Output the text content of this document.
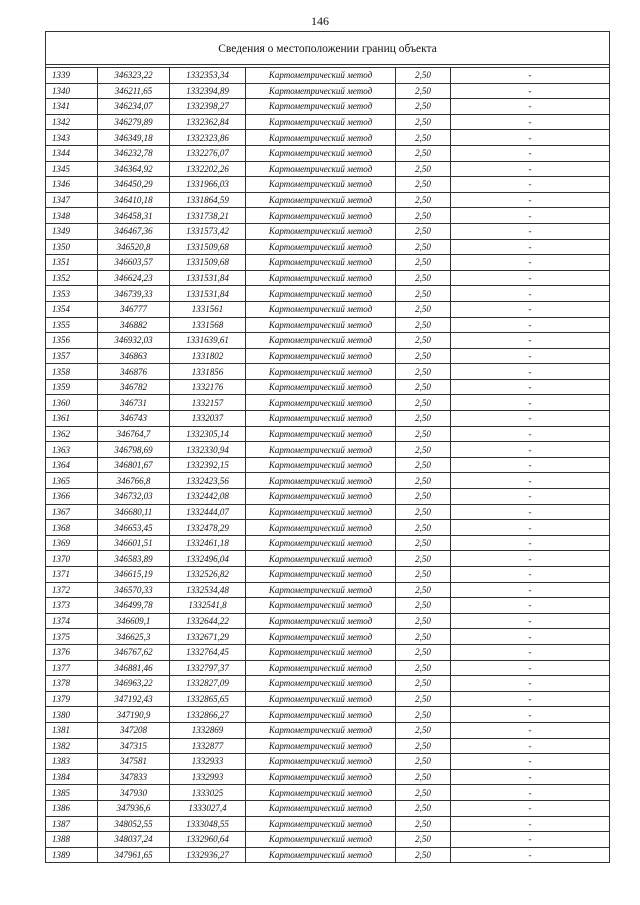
146
Сведения о местоположении границ объекта					

1339	346323,22	1332353,34	Картометрический метод	2,50	-
1340	346211,65	1332394,89	Картометрический метод	2,50	-
1341	346234,07	1332398,27	Картометрический метод	2,50	-
1342	346279,89	1332362,84	Картометрический метод	2,50	-
1343	346349,18	1332323,86	Картометрический метод	2,50	-
1344	346232,78	1332276,07	Картометрический метод	2,50	-
1345	346364,92	1332202,26	Картометрический метод	2,50	-
1346	346450,29	1331966,03	Картометрический метод	2,50	-
1347	346410,18	1331864,59	Картометрический метод	2,50	-
1348	346458,31	1331738,21	Картометрический метод	2,50	-
1349	346467,36	1331573,42	Картометрический метод	2,50	-
1350	346520,8	1331509,68	Картометрический метод	2,50	-
1351	346603,57	1331509,68	Картометрический метод	2,50	-
1352	346624,23	1331531,84	Картометрический метод	2,50	-
1353	346739,33	1331531,84	Картометрический метод	2,50	-
1354	346777	1331561	Картометрический метод	2,50	-
1355	346882	1331568	Картометрический метод	2,50	-
1356	346932,03	1331639,61	Картометрический метод	2,50	-
1357	346863	1331802	Картометрический метод	2,50	-
1358	346876	1331856	Картометрический метод	2,50	-
1359	346782	1332176	Картометрический метод	2,50	-
1360	346731	1332157	Картометрический метод	2,50	-
1361	346743	1332037	Картометрический метод	2,50	-
1362	346764,7	1332305,14	Картометрический метод	2,50	-
1363	346798,69	1332330,94	Картометрический метод	2,50	-
1364	346801,67	1332392,15	Картометрический метод	2,50	-
1365	346766,8	1332423,56	Картометрический метод	2,50	-
1366	346732,03	1332442,08	Картометрический метод	2,50	-
1367	346680,11	1332444,07	Картометрический метод	2,50	-
1368	346653,45	1332478,29	Картометрический метод	2,50	-
1369	346601,51	1332461,18	Картометрический метод	2,50	-
1370	346583,89	1332496,04	Картометрический метод	2,50	-
1371	346615,19	1332526,82	Картометрический метод	2,50	-
1372	346570,33	1332534,48	Картометрический метод	2,50	-
1373	346499,78	1332541,8	Картометрический метод	2,50	-
1374	346609,1	1332644,22	Картометрический метод	2,50	-
1375	346625,3	1332671,29	Картометрический метод	2,50	-
1376	346767,62	1332764,45	Картометрический метод	2,50	-
1377	346881,46	1332797,37	Картометрический метод	2,50	-
1378	346963,22	1332827,09	Картометрический метод	2,50	-
1379	347192,43	1332865,65	Картометрический метод	2,50	-
1380	347190,9	1332866,27	Картометрический метод	2,50	-
1381	347208	1332869	Картометрический метод	2,50	-
1382	347315	1332877	Картометрический метод	2,50	-
1383	347581	1332933	Картометрический метод	2,50	-
1384	347833	1332993	Картометрический метод	2,50	-
1385	347930	1333025	Картометрический метод	2,50	-
1386	347936,6	1333027,4	Картометрический метод	2,50	-
1387	348052,55	1333048,55	Картометрический метод	2,50	-
1388	348037,24	1332960,64	Картометрический метод	2,50	-
1389	347961,65	1332936,27	Картометрический метод	2,50	-
